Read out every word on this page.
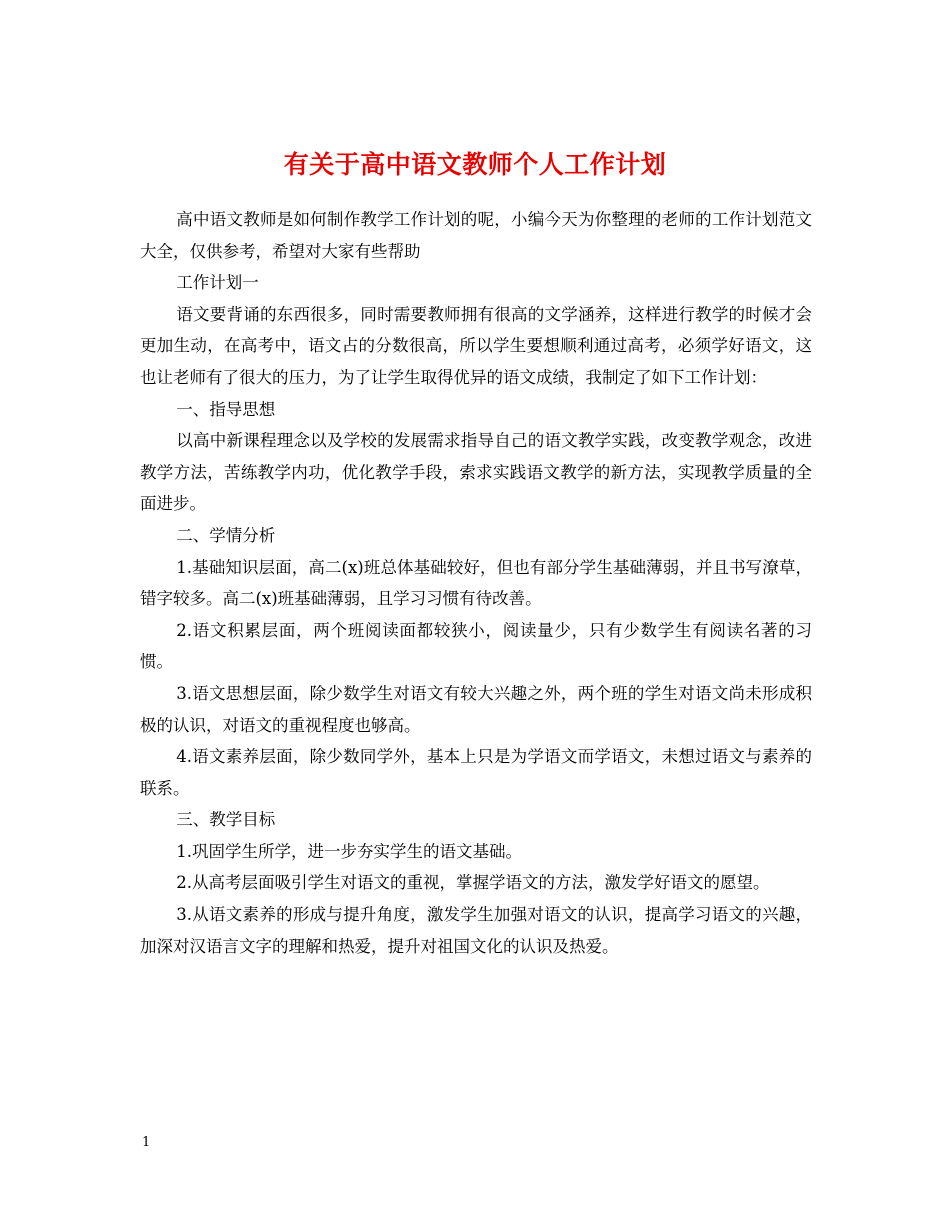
有关于高中语文教师个人工作计划

高中语文教师是如何制作教学工作计划的呢，小编今天为你整理的老师的工作计划范文大全，仅供参考，希望对大家有些帮助

工作计划一

语文要背诵的东西很多，同时需要教师拥有很高的文学涵养，这样进行教学的时候才会更加生动，在高考中，语文占的分数很高，所以学生要想顺利通过高考，必须学好语文，这也让老师有了很大的压力，为了让学生取得优异的语文成绩，我制定了如下工作计划：

一、指导思想

以高中新课程理念以及学校的发展需求指导自己的语文教学实践，改变教学观念，改进教学方法，苦练教学内功，优化教学手段，索求实践语文教学的新方法，实现教学质量的全面进步。

二、学情分析

1.基础知识层面，高二(x)班总体基础较好，但也有部分学生基础薄弱，并且书写潦草，错字较多。高二(x)班基础薄弱，且学习习惯有待改善。

2.语文积累层面，两个班阅读面都较狭小，阅读量少，只有少数学生有阅读名著的习惯。

3.语文思想层面，除少数学生对语文有较大兴趣之外，两个班的学生对语文尚未形成积极的认识，对语文的重视程度也够高。

4.语文素养层面，除少数同学外，基本上只是为学语文而学语文，未想过语文与素养的联系。

三、教学目标

1.巩固学生所学，进一步夯实学生的语文基础。

2.从高考层面吸引学生对语文的重视，掌握学语文的方法，激发学好语文的愿望。

3.从语文素养的形成与提升角度，激发学生加强对语文的认识，提高学习语文的兴趣，加深对汉语言文字的理解和热爱，提升对祖国文化的认识及热爱。

1
